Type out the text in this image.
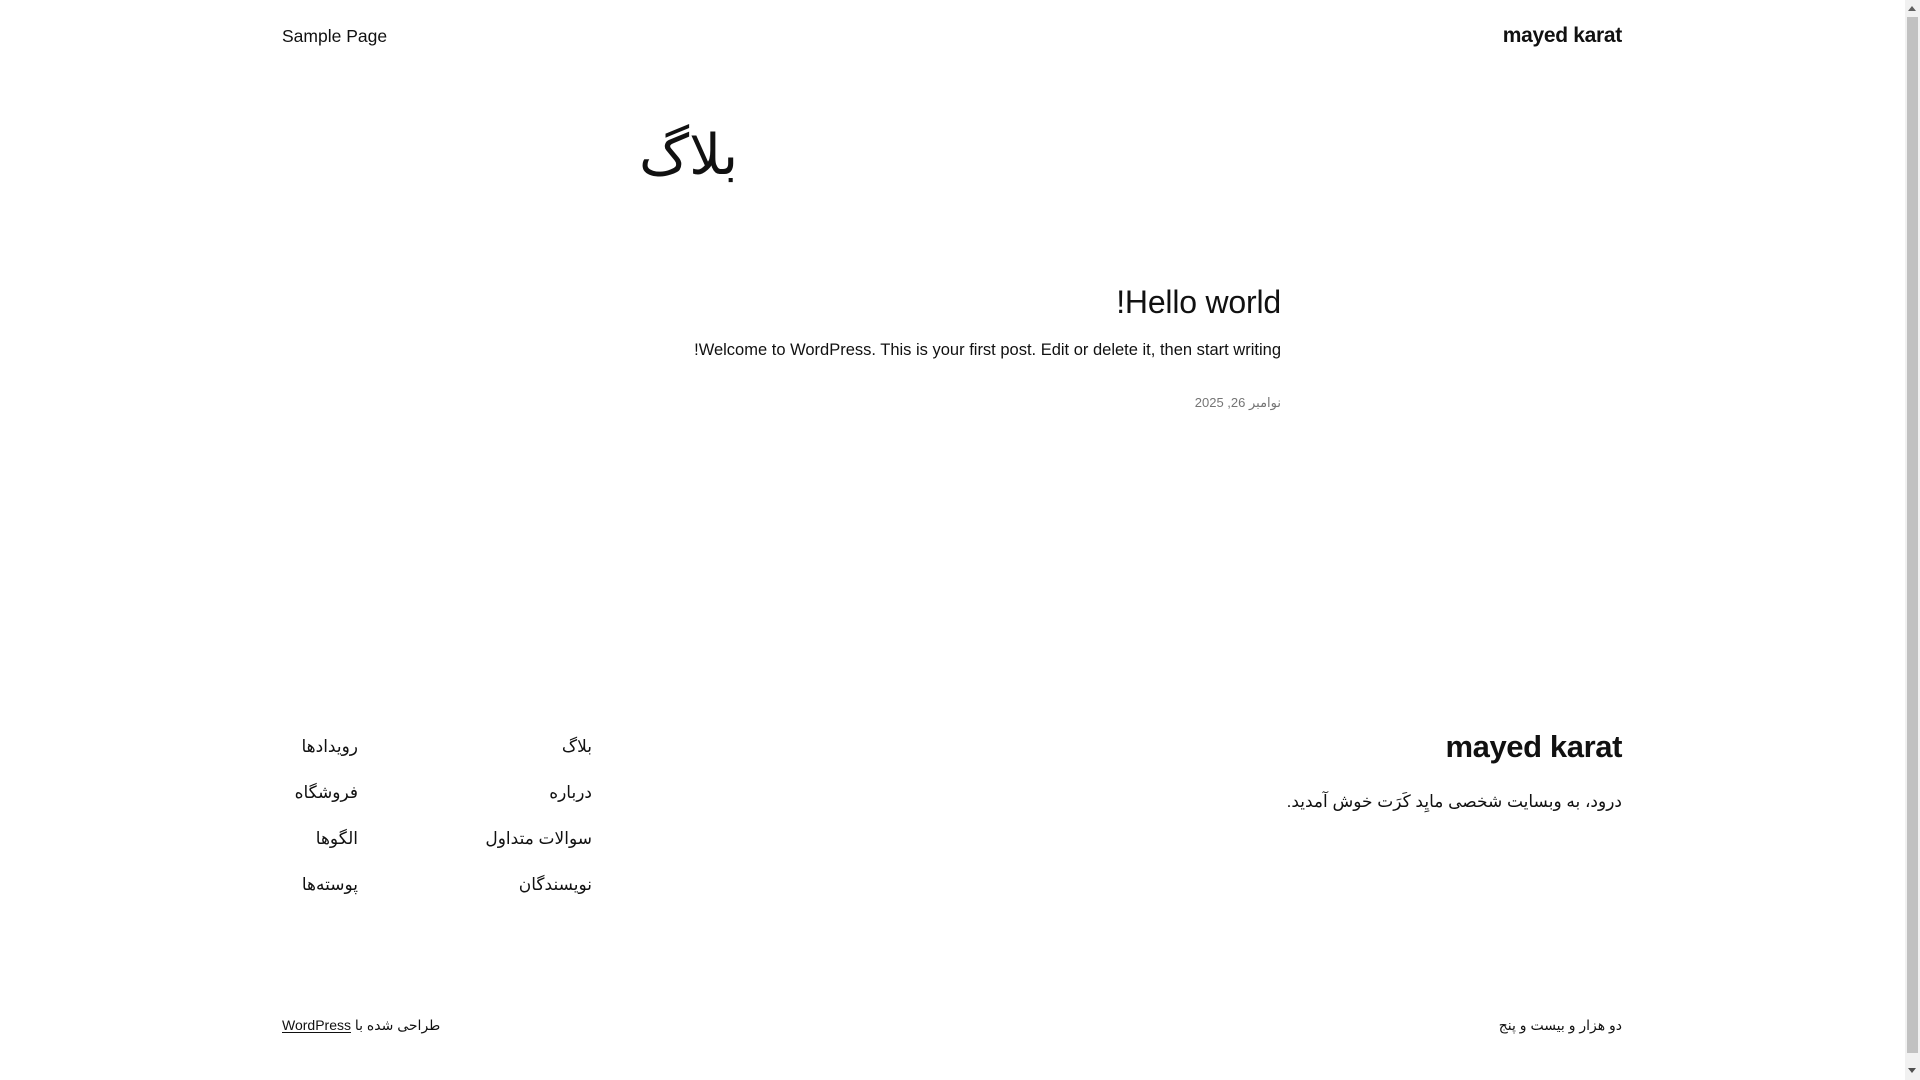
mayed karat
Sample Page
بلاگ
Hello world!

Welcome to WordPress. This is your first post. Edit or delete it, then start writing!

نوامبر 26, 2025
mayed karat

درود، به وبسایت شخصی مایِد کَرَت خوش آمدید.

بلاگ
درباره
سوالات متداول
نویسندگان
رویدادها
فروشگاه
الگوها
پوسته‌ها
دو هزار و بیست و پنج
طراحی شده با WordPress
